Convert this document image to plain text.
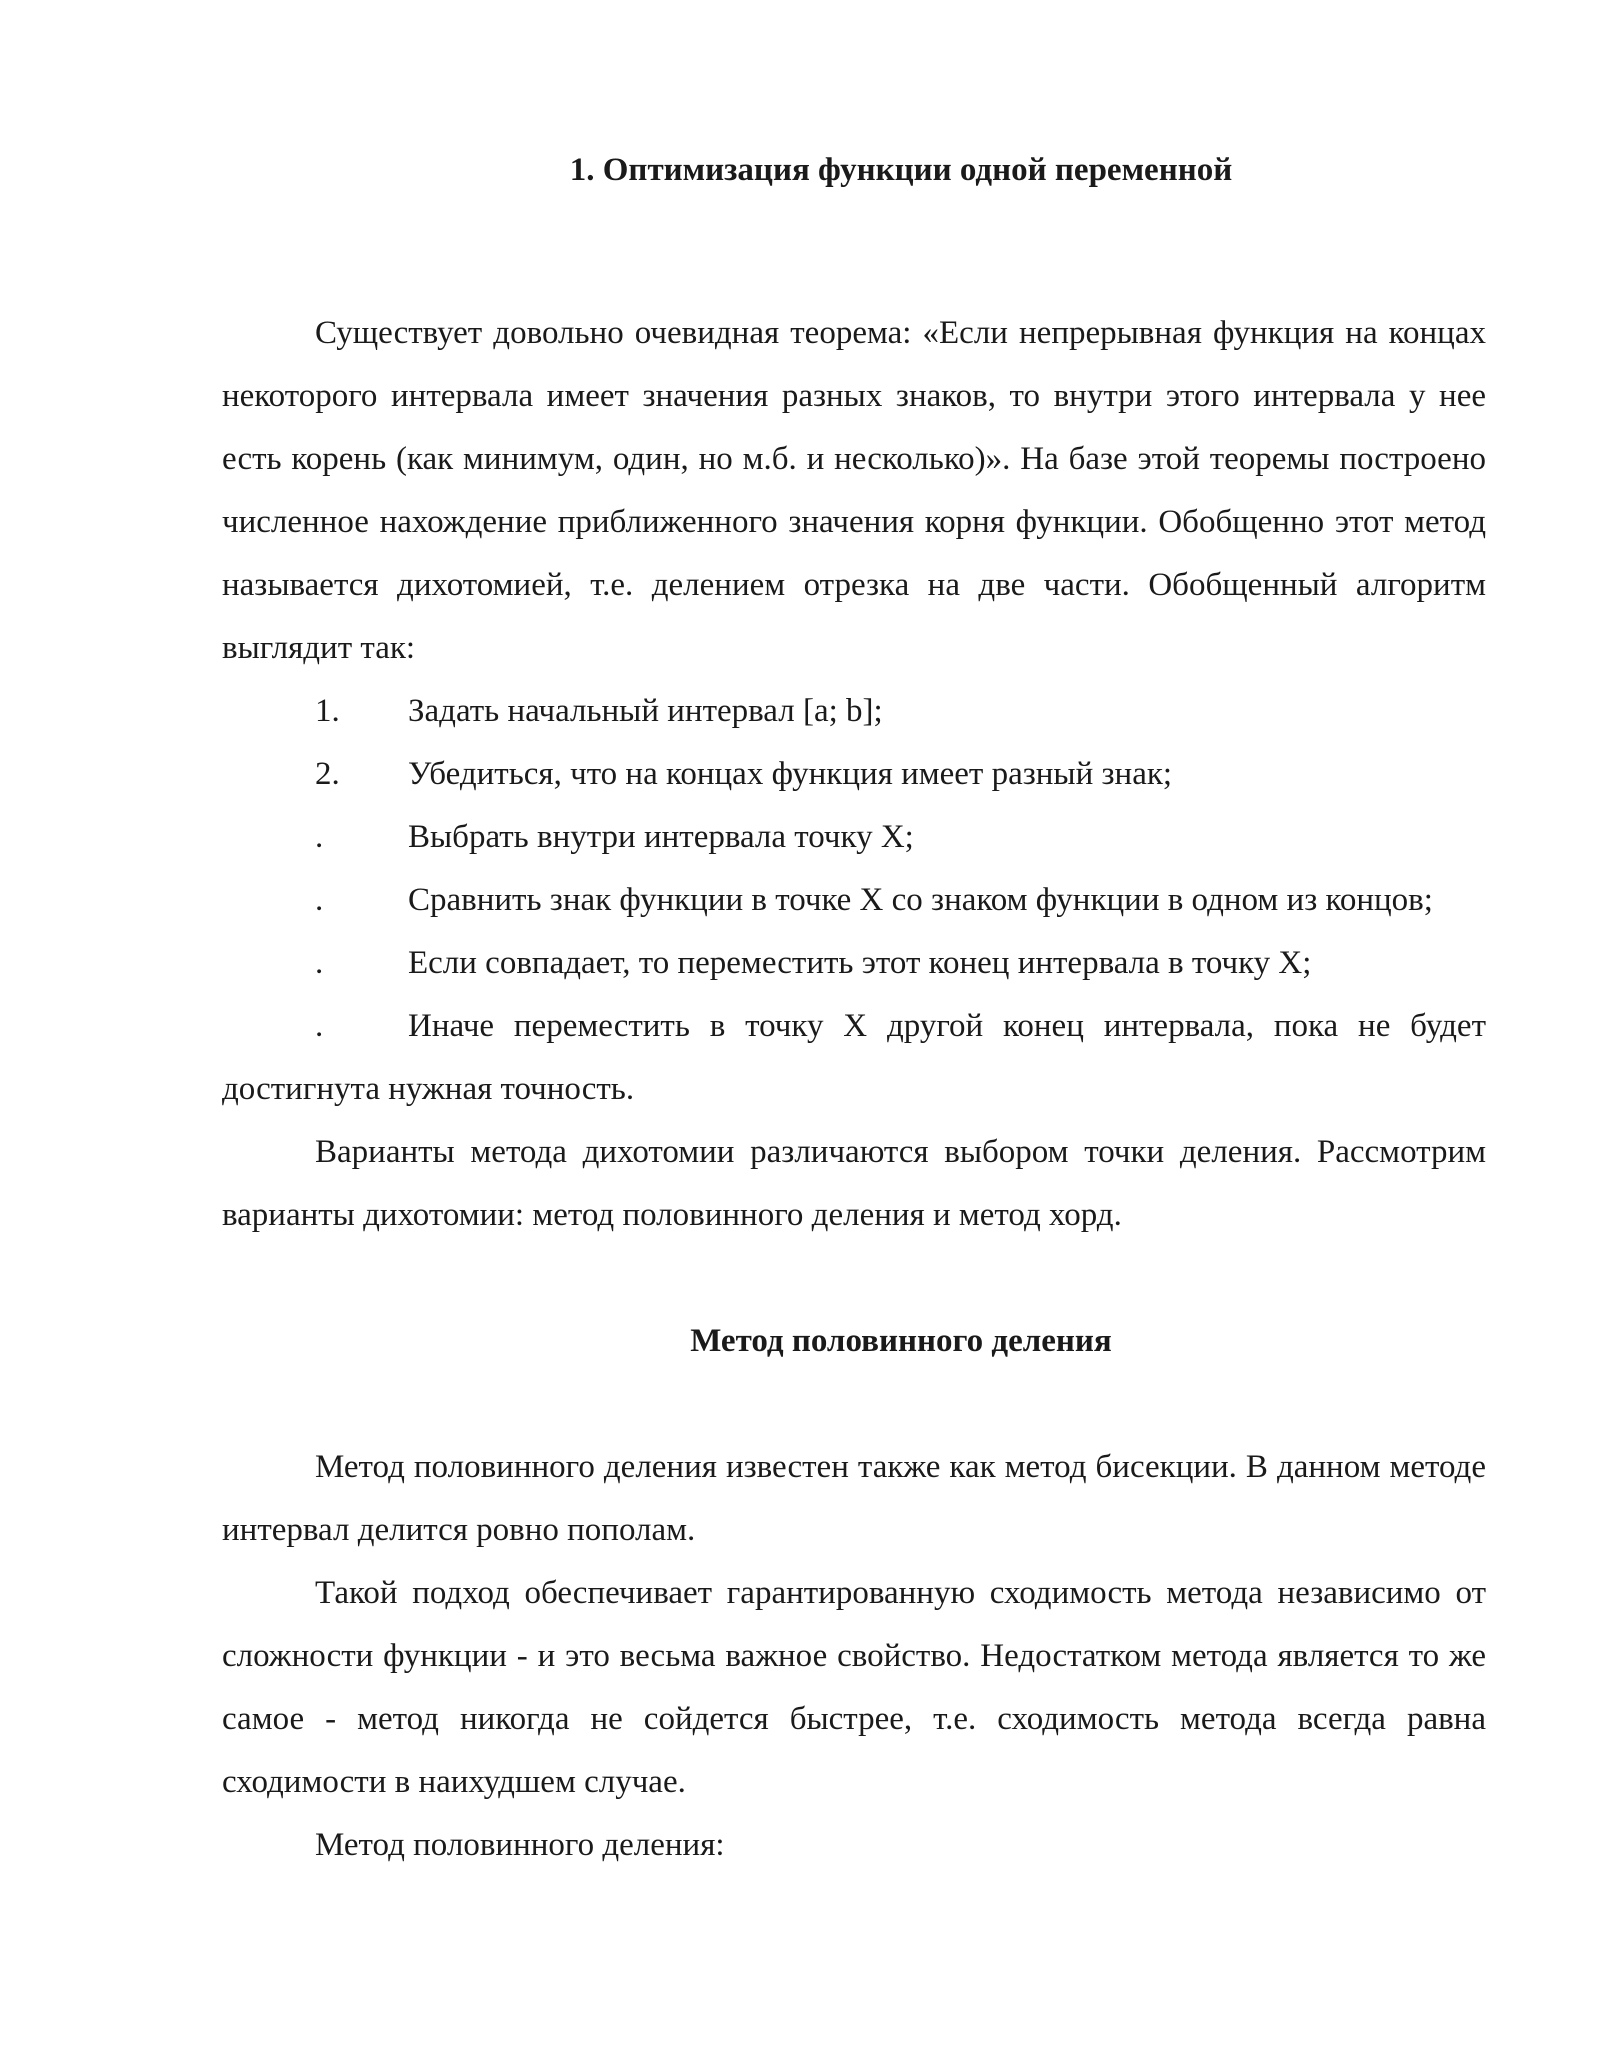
1. Оптимизация функции одной переменной

Существует довольно очевидная теорема: «Если непрерывная функция на концах некоторого интервала имеет значения разных знаков, то внутри этого интервала у нее есть корень (как минимум, один, но м.б. и несколько)». На базе этой теоремы построено численное нахождение приближенного значения корня функции. Обобщенно этот метод называется дихотомией, т.е. делением отрезка на две части. Обобщенный алгоритм выглядит так:

1. Задать начальный интервал [a; b];

2. Убедиться, что на концах функция имеет разный знак;

.	Выбрать внутри интервала точку X;

.	Сравнить знак функции в точке X со знаком функции в одном из концов;

.	Если совпадает, то переместить этот конец интервала в точку X;

.	Иначе переместить в точку X другой конец интервала, пока не будет достигнута нужная точность.

Варианты метода дихотомии различаются выбором точки деления. Рассмотрим варианты дихотомии: метод половинного деления и метод хорд.

Метод половинного деления

Метод половинного деления известен также как метод бисекции. В данном методе интервал делится ровно пополам.

Такой подход обеспечивает гарантированную сходимость метода независимо от сложности функции - и это весьма важное свойство. Недостатком метода является то же самое - метод никогда не сойдется быстрее, т.е. сходимость метода всегда равна сходимости в наихудшем случае.

Метод половинного деления:
